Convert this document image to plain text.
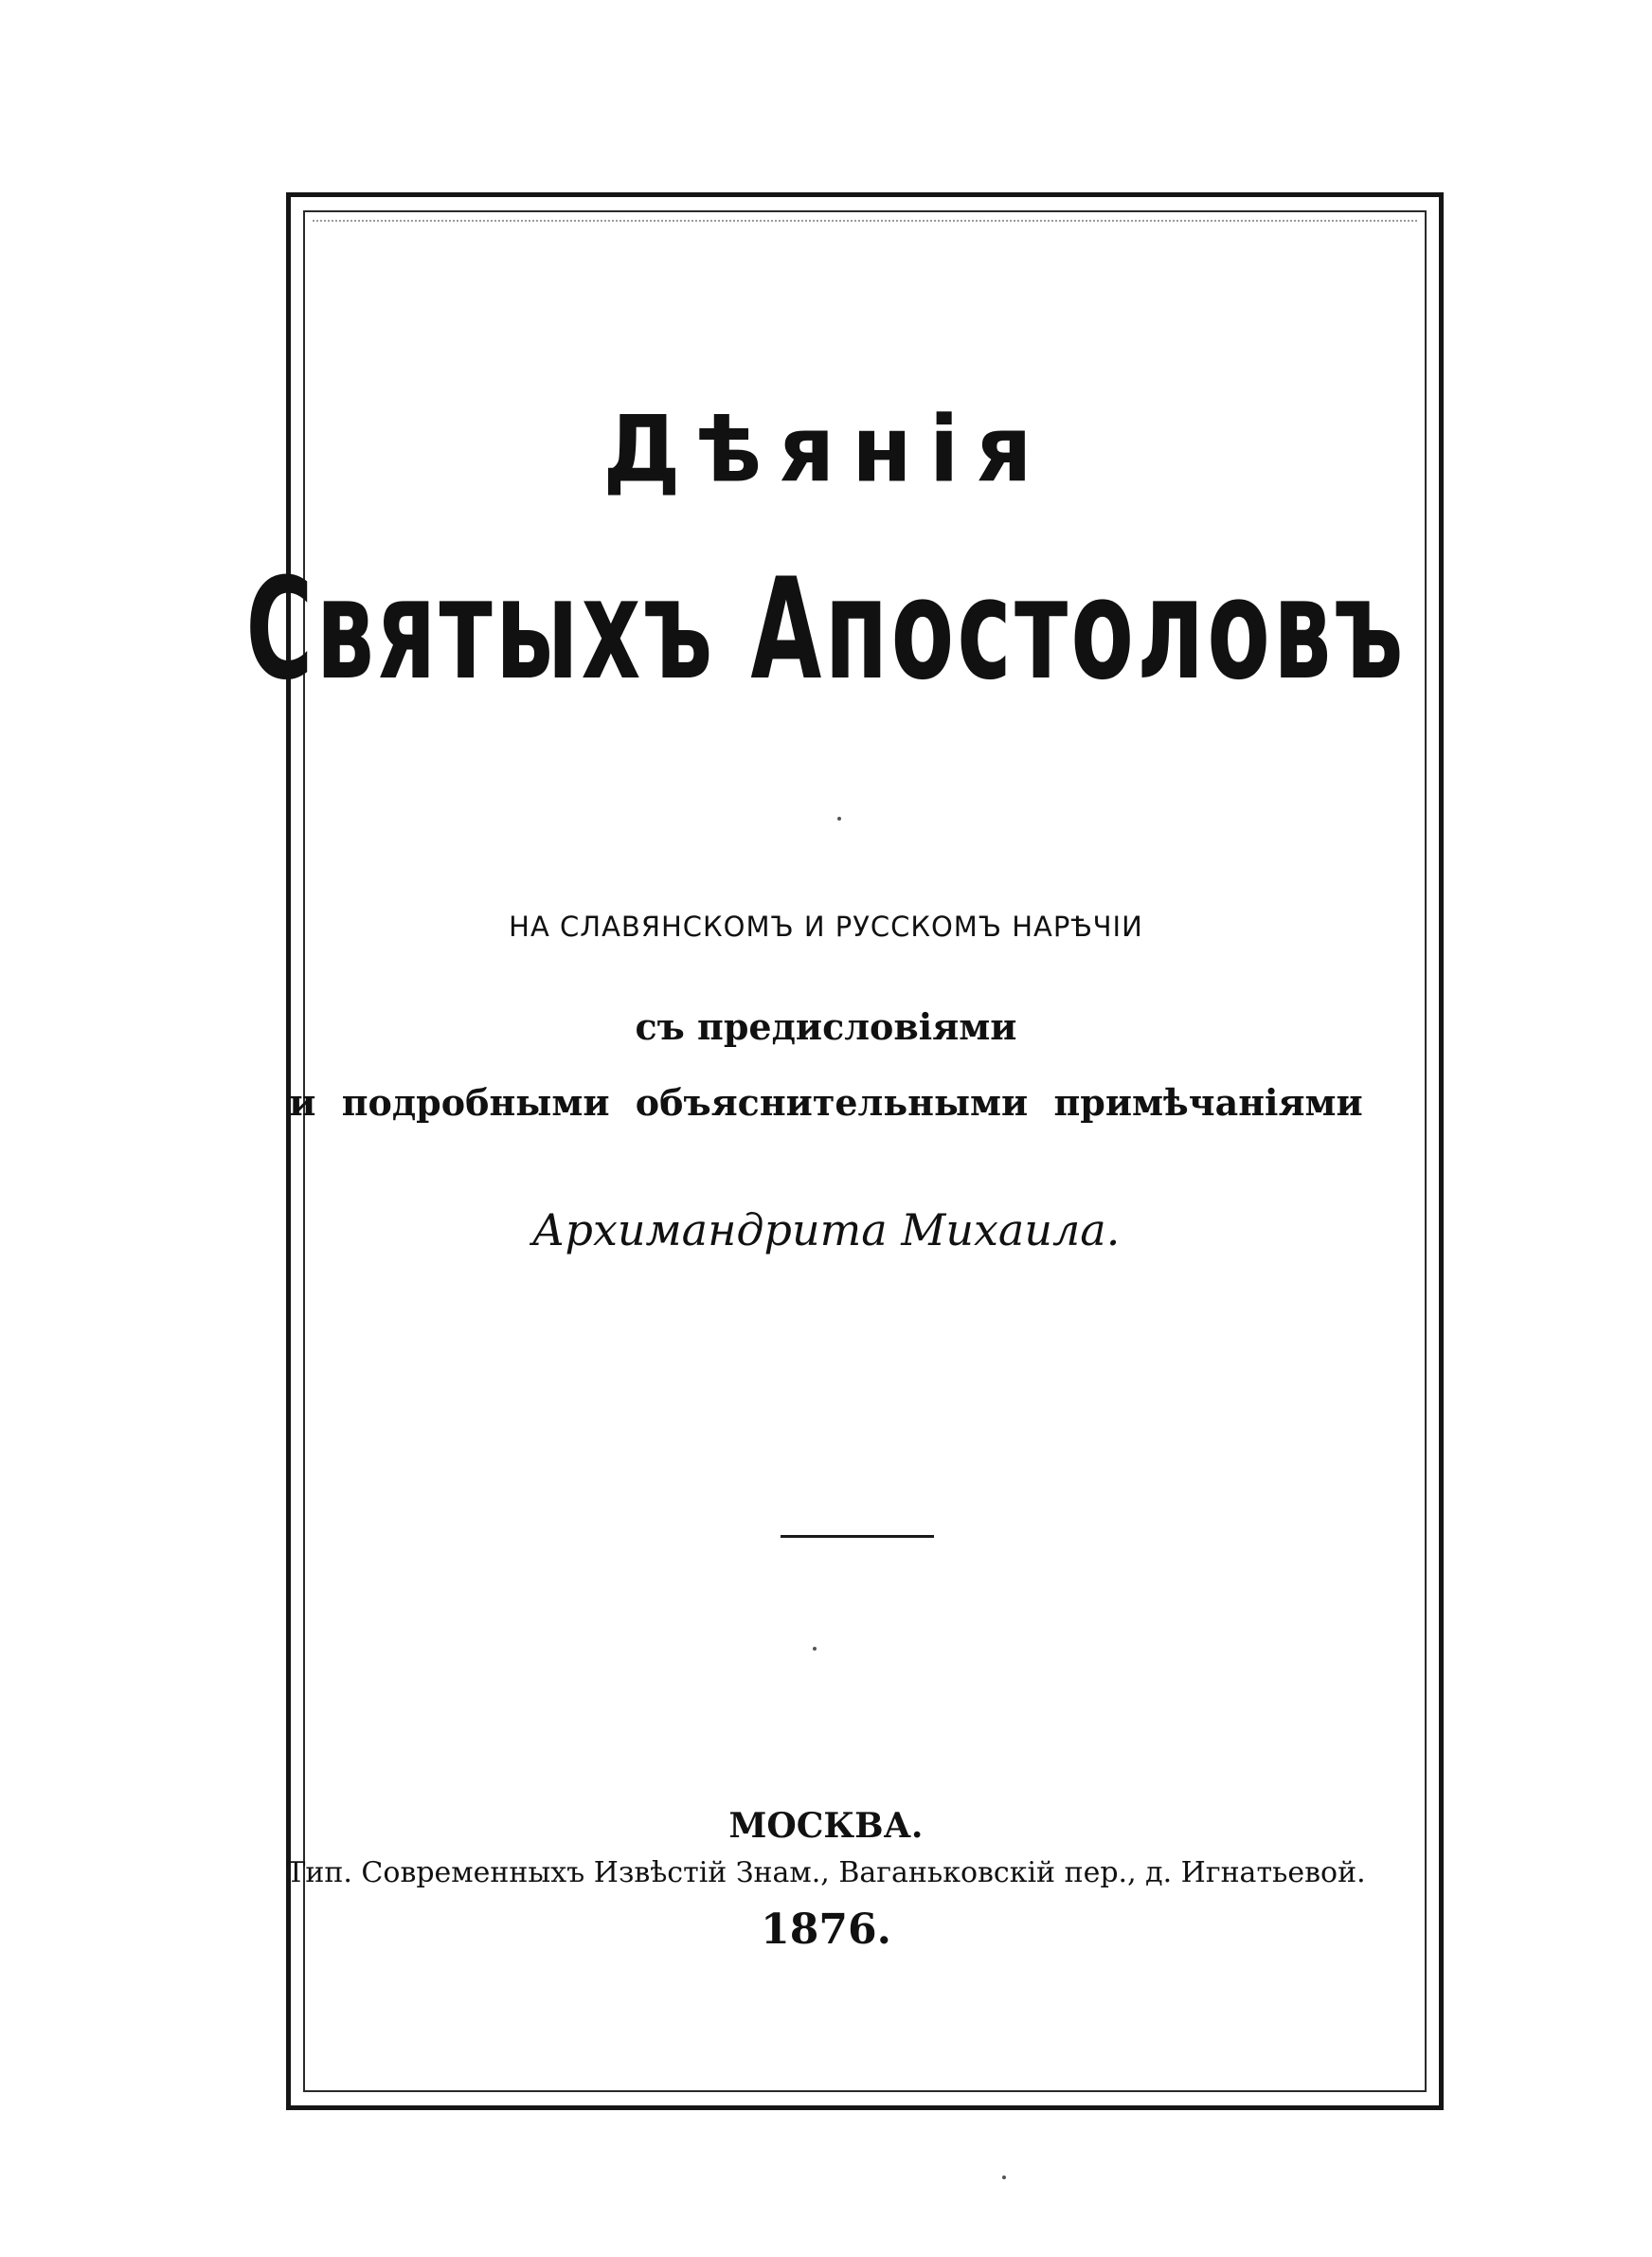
Дѣянія
Святыхъ Апостоловъ
НА СЛАВЯНСКОМЪ И РУССКОМЪ НАРѢЧІИ
съ предисловіями
и подробными объяснительными примѣчаніями
Архимандрита Михаила.
МОСКВА.
Тип. Современныхъ Извѣстій Знам., Ваганьковскій пер., д. Игнатьевой.
1876.
